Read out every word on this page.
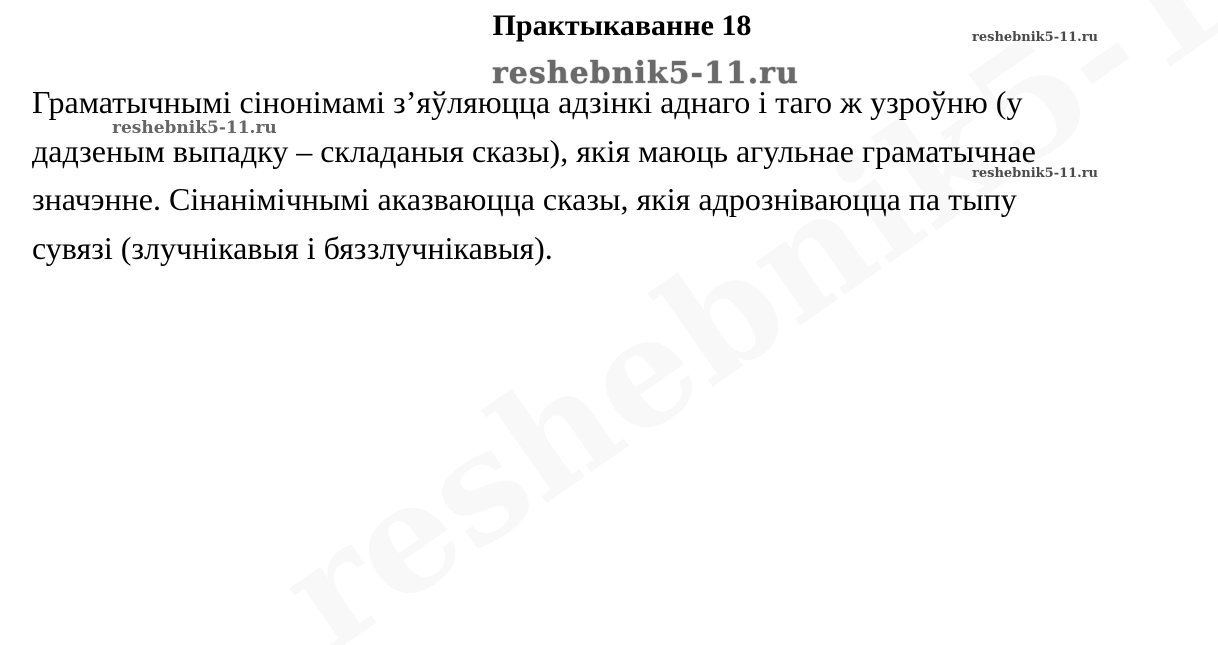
Практыкаванне 18	reshebnik5-11.ru
reshebnik5-11.ru
reshebnik5-11.ru
reshebnik5-11.ru
Граматычнымі сінонімамі з’яўляюцца адзінкі аднаго і таго ж узроўню (у
дадзеным выпадку – складаныя сказы), якія маюць агульнае граматычнае
значэнне. Сінанімічнымі аказваюцца сказы, якія адрозніваюцца па тыпу
сувязі (злучнікавыя і бяззлучнікавыя).
